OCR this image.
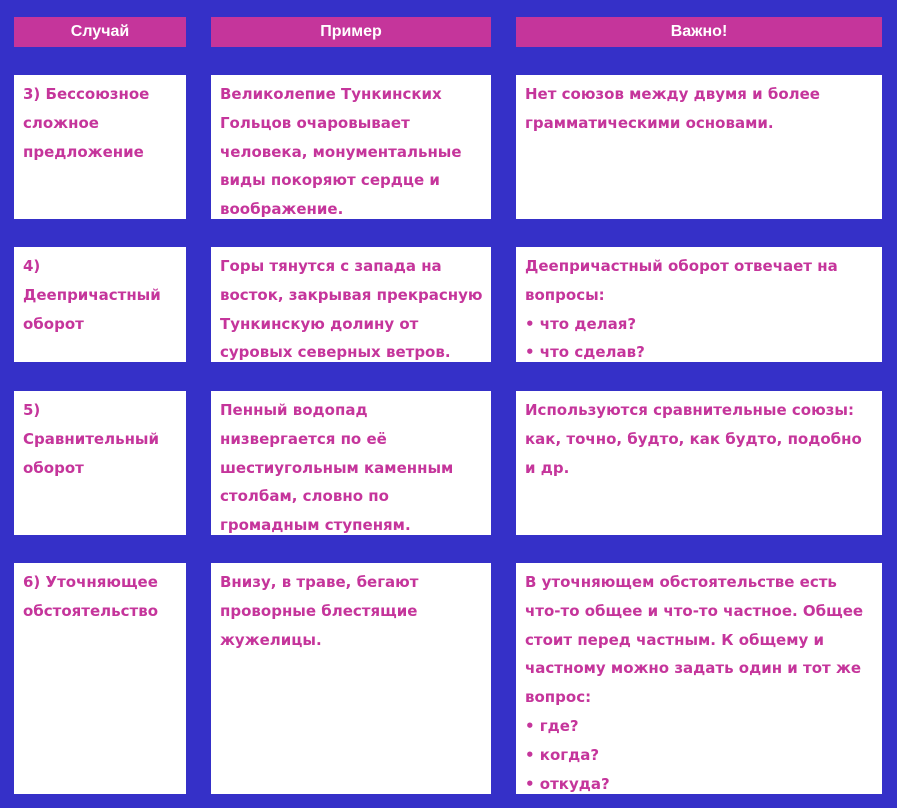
Случай	Пример	Важно!
3) Бессоюзное
сложное
предложение
Великолепие Тункинских
Гольцов очаровывает
человека, монументальные
виды покоряют сердце и
воображение.
Нет союзов между двумя и более
грамматическими основами.
4)
Деепричастный
оборот
Горы тянутся с запада на
восток, закрывая прекрасную
Тункинскую долину от
суровых северных ветров.
Деепричастный оборот отвечает на
вопросы:
• что делая?
• что сделав?
5)
Сравнительный
оборот
Пенный водопад
низвергается по её
шестиугольным каменным
столбам, словно по
громадным ступеням.
Используются сравнительные союзы:
как, точно, будто, как будто, подобно
и др.
6) Уточняющее
обстоятельство
Внизу, в траве, бегают
проворные блестящие
жужелицы.
В уточняющем обстоятельстве есть
что-то общее и что-то частное. Общее
стоит перед частным. К общему и
частному можно задать один и тот же
вопрос:
• где?
• когда?
• откуда?
